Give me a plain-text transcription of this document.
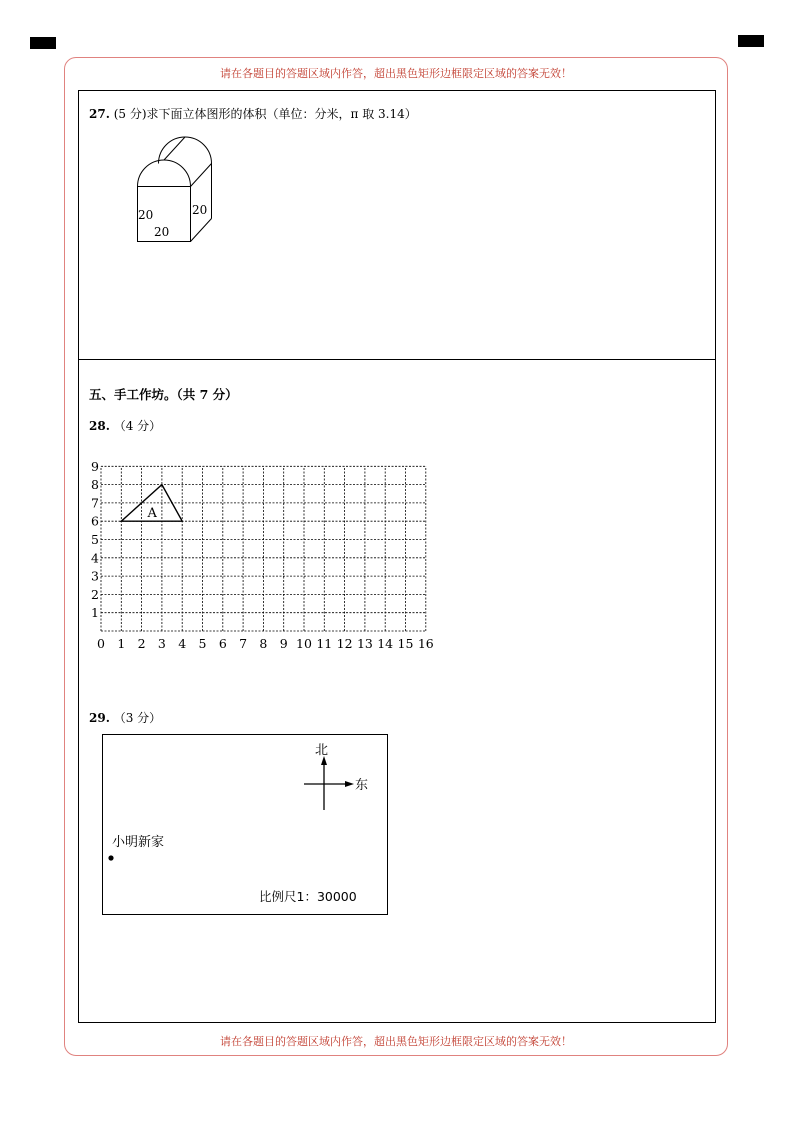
请在各题目的答题区域内作答，超出黑色矩形边框限定区域的答案无效！
请在各题目的答题区域内作答，超出黑色矩形边框限定区域的答案无效！
27. (5 分)求下面立体图形的体积（单位：分米，π 取 3.14）
20
20
20
五、手工作坊。（共 7 分）
28. （4 分）
0 1 2 3 4 5 6 7 8 9 10 11 12 13 14 15 16
1
2
3
4
5
6
7
8
9
A
29. （3 分）
北
东
小明新家
比例尺1：30000
